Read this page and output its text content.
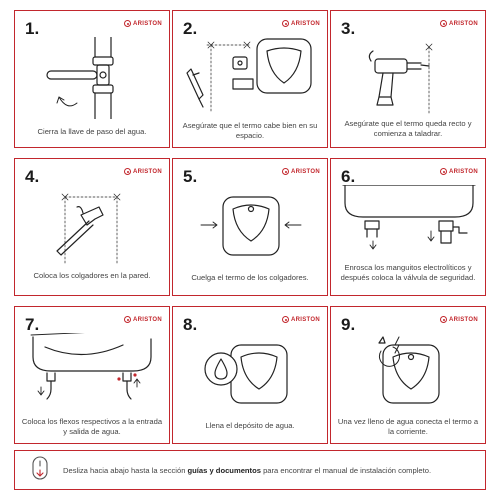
1.	ARISTON
Cierra la llave de paso del agua.
2.	ARISTON
Asegúrate que el termo cabe bien en su espacio.
3.	ARISTON
Asegúrate que el termo queda recto y comienza a taladrar.
4.	ARISTON
Coloca los colgadores en la pared.
5.	ARISTON
Cuelga el termo de los colgadores.
6.	ARISTON
Enrosca los manguitos electrolíticos y después coloca la válvula de seguridad.
7.	ARISTON
Coloca los flexos respectivos a la entrada y salida de agua.
8.	ARISTON
Llena el depósito de agua.
9.	ARISTON
Una vez lleno de agua conecta el termo a la corriente.
Desliza hacia abajo hasta la sección guías y documentos para encontrar el manual de instalación completo.
